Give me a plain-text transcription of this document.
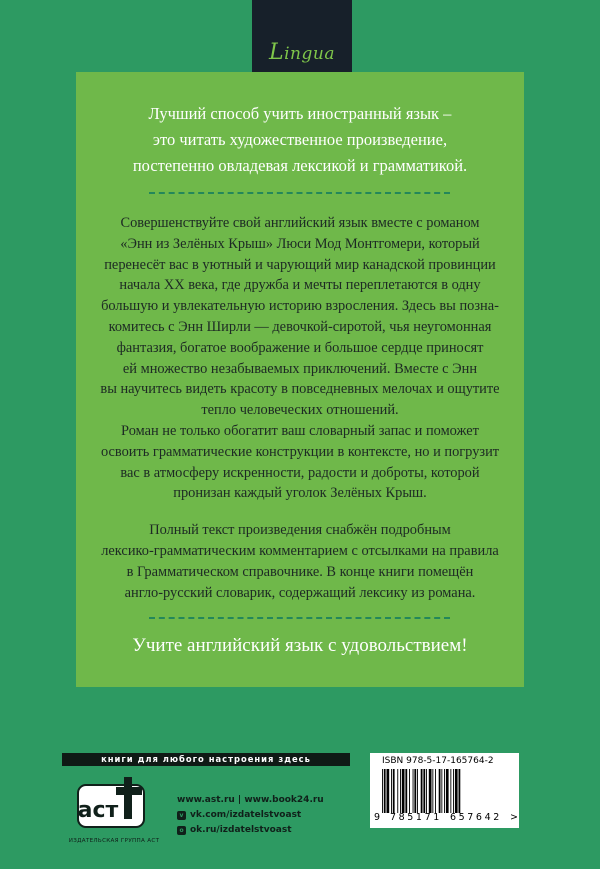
Lingua
Лучший способ учить иностранный язык –
это читать художественное произведение,
постепенно овладевая лексикой и грамматикой.

Совершенствуйте свой английский язык вместе с романом

«Энн из Зелёных Крыш» Люси Мод Монтгомери, который

перенесёт вас в уютный и чарующий мир канадской провинции

начала XX века, где дружба и мечты переплетаются в одну

большую и увлекательную историю взросления. Здесь вы позна-

комитесь с Энн Ширли — девочкой-сиротой, чья неугомонная

фантазия, богатое воображение и большое сердце приносят

ей множество незабываемых приключений. Вместе с Энн

вы научитесь видеть красоту в повседневных мелочах и ощутите

тепло человеческих отношений.

Роман не только обогатит ваш словарный запас и поможет

освоить грамматические конструкции в контексте, но и погрузит

вас в атмосферу искренности, радости и доброты, которой

пронизан каждый уголок Зелёных Крыш.

Полный текст произведения снабжён подробным

лексико-грамматическим комментарием с отсылками на правила

в Грамматическом справочнике. В конце книги помещён

англо-русский словарик, содержащий лексику из романа.

Учите английский язык с удовольствием!
книги для любого настроения здесь
аст
ИЗДАТЕЛЬСКАЯ ГРУППА АСТ
www.ast.ru | www.book24.ru
v vk.com/izdatelstvoast
o ok.ru/izdatelstvoast
ISBN 978-5-17-165764-2
9 785171 657642 >
